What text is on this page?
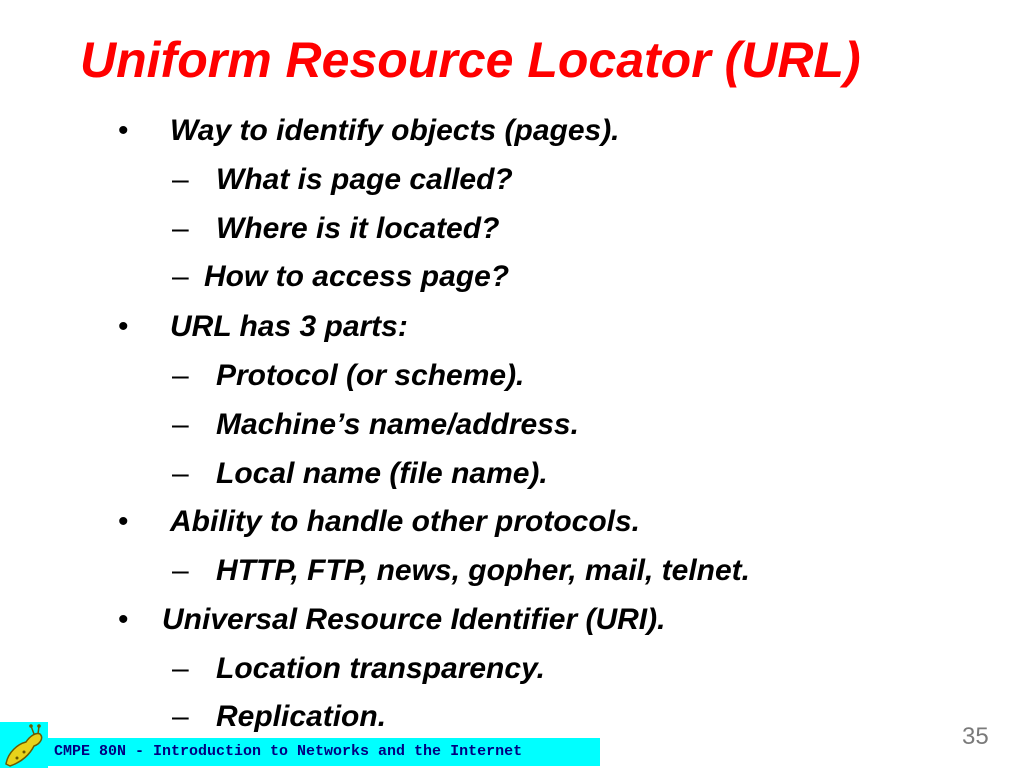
Uniform Resource Locator (URL)
• Way to identify objects (pages).
– What is page called?
– Where is it located?
– How to access page?
• URL has 3 parts:
– Protocol (or scheme).
– Machine’s name/address.
– Local name (file name).
• Ability to handle other protocols.
– HTTP, FTP, news, gopher, mail, telnet.
• Universal Resource Identifier (URI).
– Location transparency.
– Replication.
CMPE 80N - Introduction to Networks and the Internet
35
